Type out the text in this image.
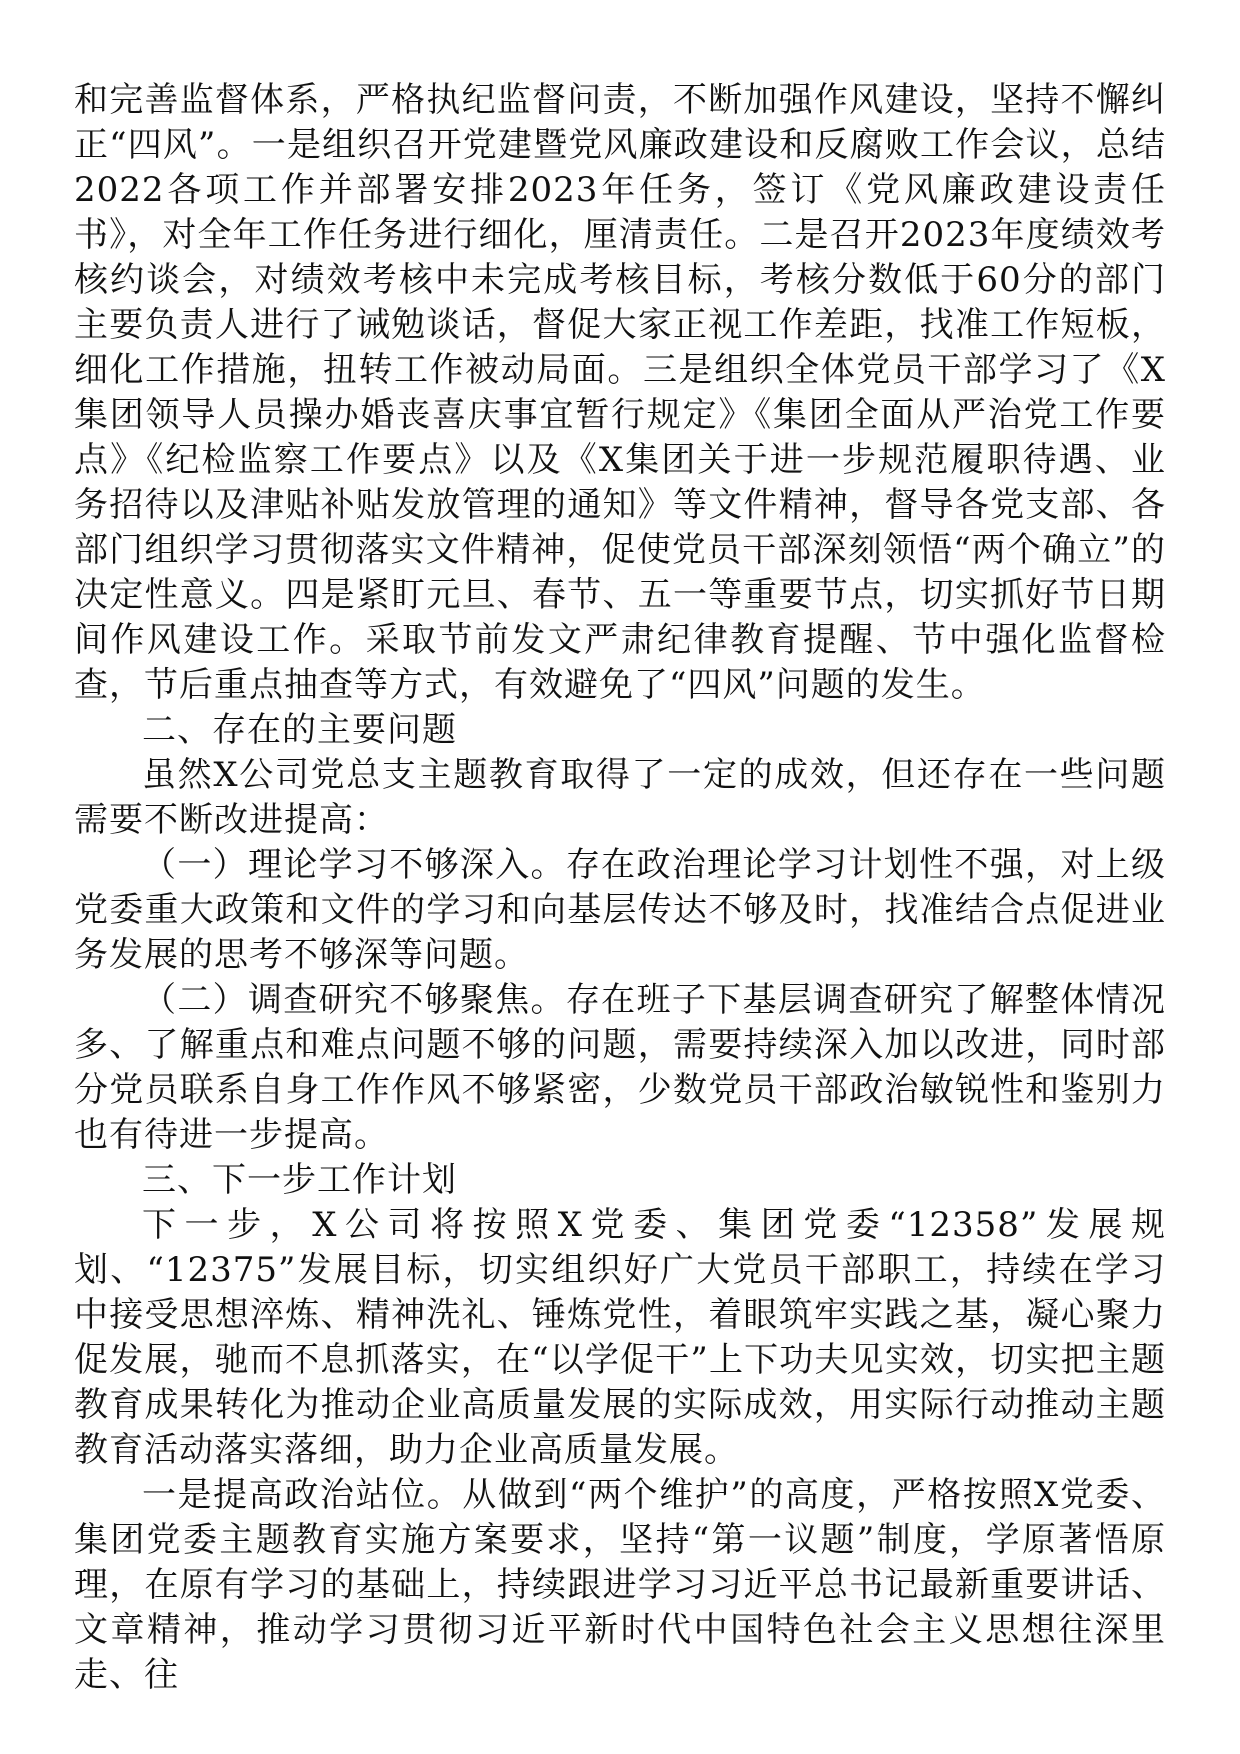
和完善监督体系，严格执纪监督问责，不断加强作风建设，坚持不懈纠正“四风”。一是组织召开党建暨党风廉政建设和反腐败工作会议，总结2022各项工作并部署安排2023年任务，签订《党风廉政建设责任书》，对全年工作任务进行细化，厘清责任。二是召开2023年度绩效考核约谈会，对绩效考核中未完成考核目标，考核分数低于60分的部门主要负责人进行了诫勉谈话，督促大家正视工作差距，找准工作短板，细化工作措施，扭转工作被动局面。三是组织全体党员干部学习了《X集团领导人员操办婚丧喜庆事宜暂行规定》《集团全面从严治党工作要点》《纪检监察工作要点》以及《X集团关于进一步规范履职待遇、业务招待以及津贴补贴发放管理的通知》等文件精神，督导各党支部、各部门组织学习贯彻落实文件精神，促使党员干部深刻领悟“两个确立”的决定性意义。四是紧盯元旦、春节、五一等重要节点，切实抓好节日期间作风建设工作。采取节前发文严肃纪律教育提醒、节中强化监督检查，节后重点抽查等方式，有效避免了“四风”问题的发生。

二、存在的主要问题

虽然X公司党总支主题教育取得了一定的成效，但还存在一些问题需要不断改进提高：

（一）理论学习不够深入。存在政治理论学习计划性不强，对上级党委重大政策和文件的学习和向基层传达不够及时，找准结合点促进业务发展的思考不够深等问题。

（二）调查研究不够聚焦。存在班子下基层调查研究了解整体情况多、了解重点和难点问题不够的问题，需要持续深入加以改进，同时部分党员联系自身工作作风不够紧密，少数党员干部政治敏锐性和鉴别力也有待进一步提高。

三、下一步工作计划

下一步，X公司将按照X党委、集团党委“12358”发展规划、“12375”发展目标，切实组织好广大党员干部职工，持续在学习中接受思想淬炼、精神洗礼、锤炼党性，着眼筑牢实践之基，凝心聚力促发展，驰而不息抓落实，在“以学促干”上下功夫见实效，切实把主题教育成果转化为推动企业高质量发展的实际成效，用实际行动推动主题教育活动落实落细，助力企业高质量发展。

一是提高政治站位。从做到“两个维护”的高度，严格按照X党委、集团党委主题教育实施方案要求，坚持“第一议题”制度，学原著悟原理，在原有学习的基础上，持续跟进学习习近平总书记最新重要讲话、文章精神，推动学习贯彻习近平新时代中国特色社会主义思想往深里走、往
